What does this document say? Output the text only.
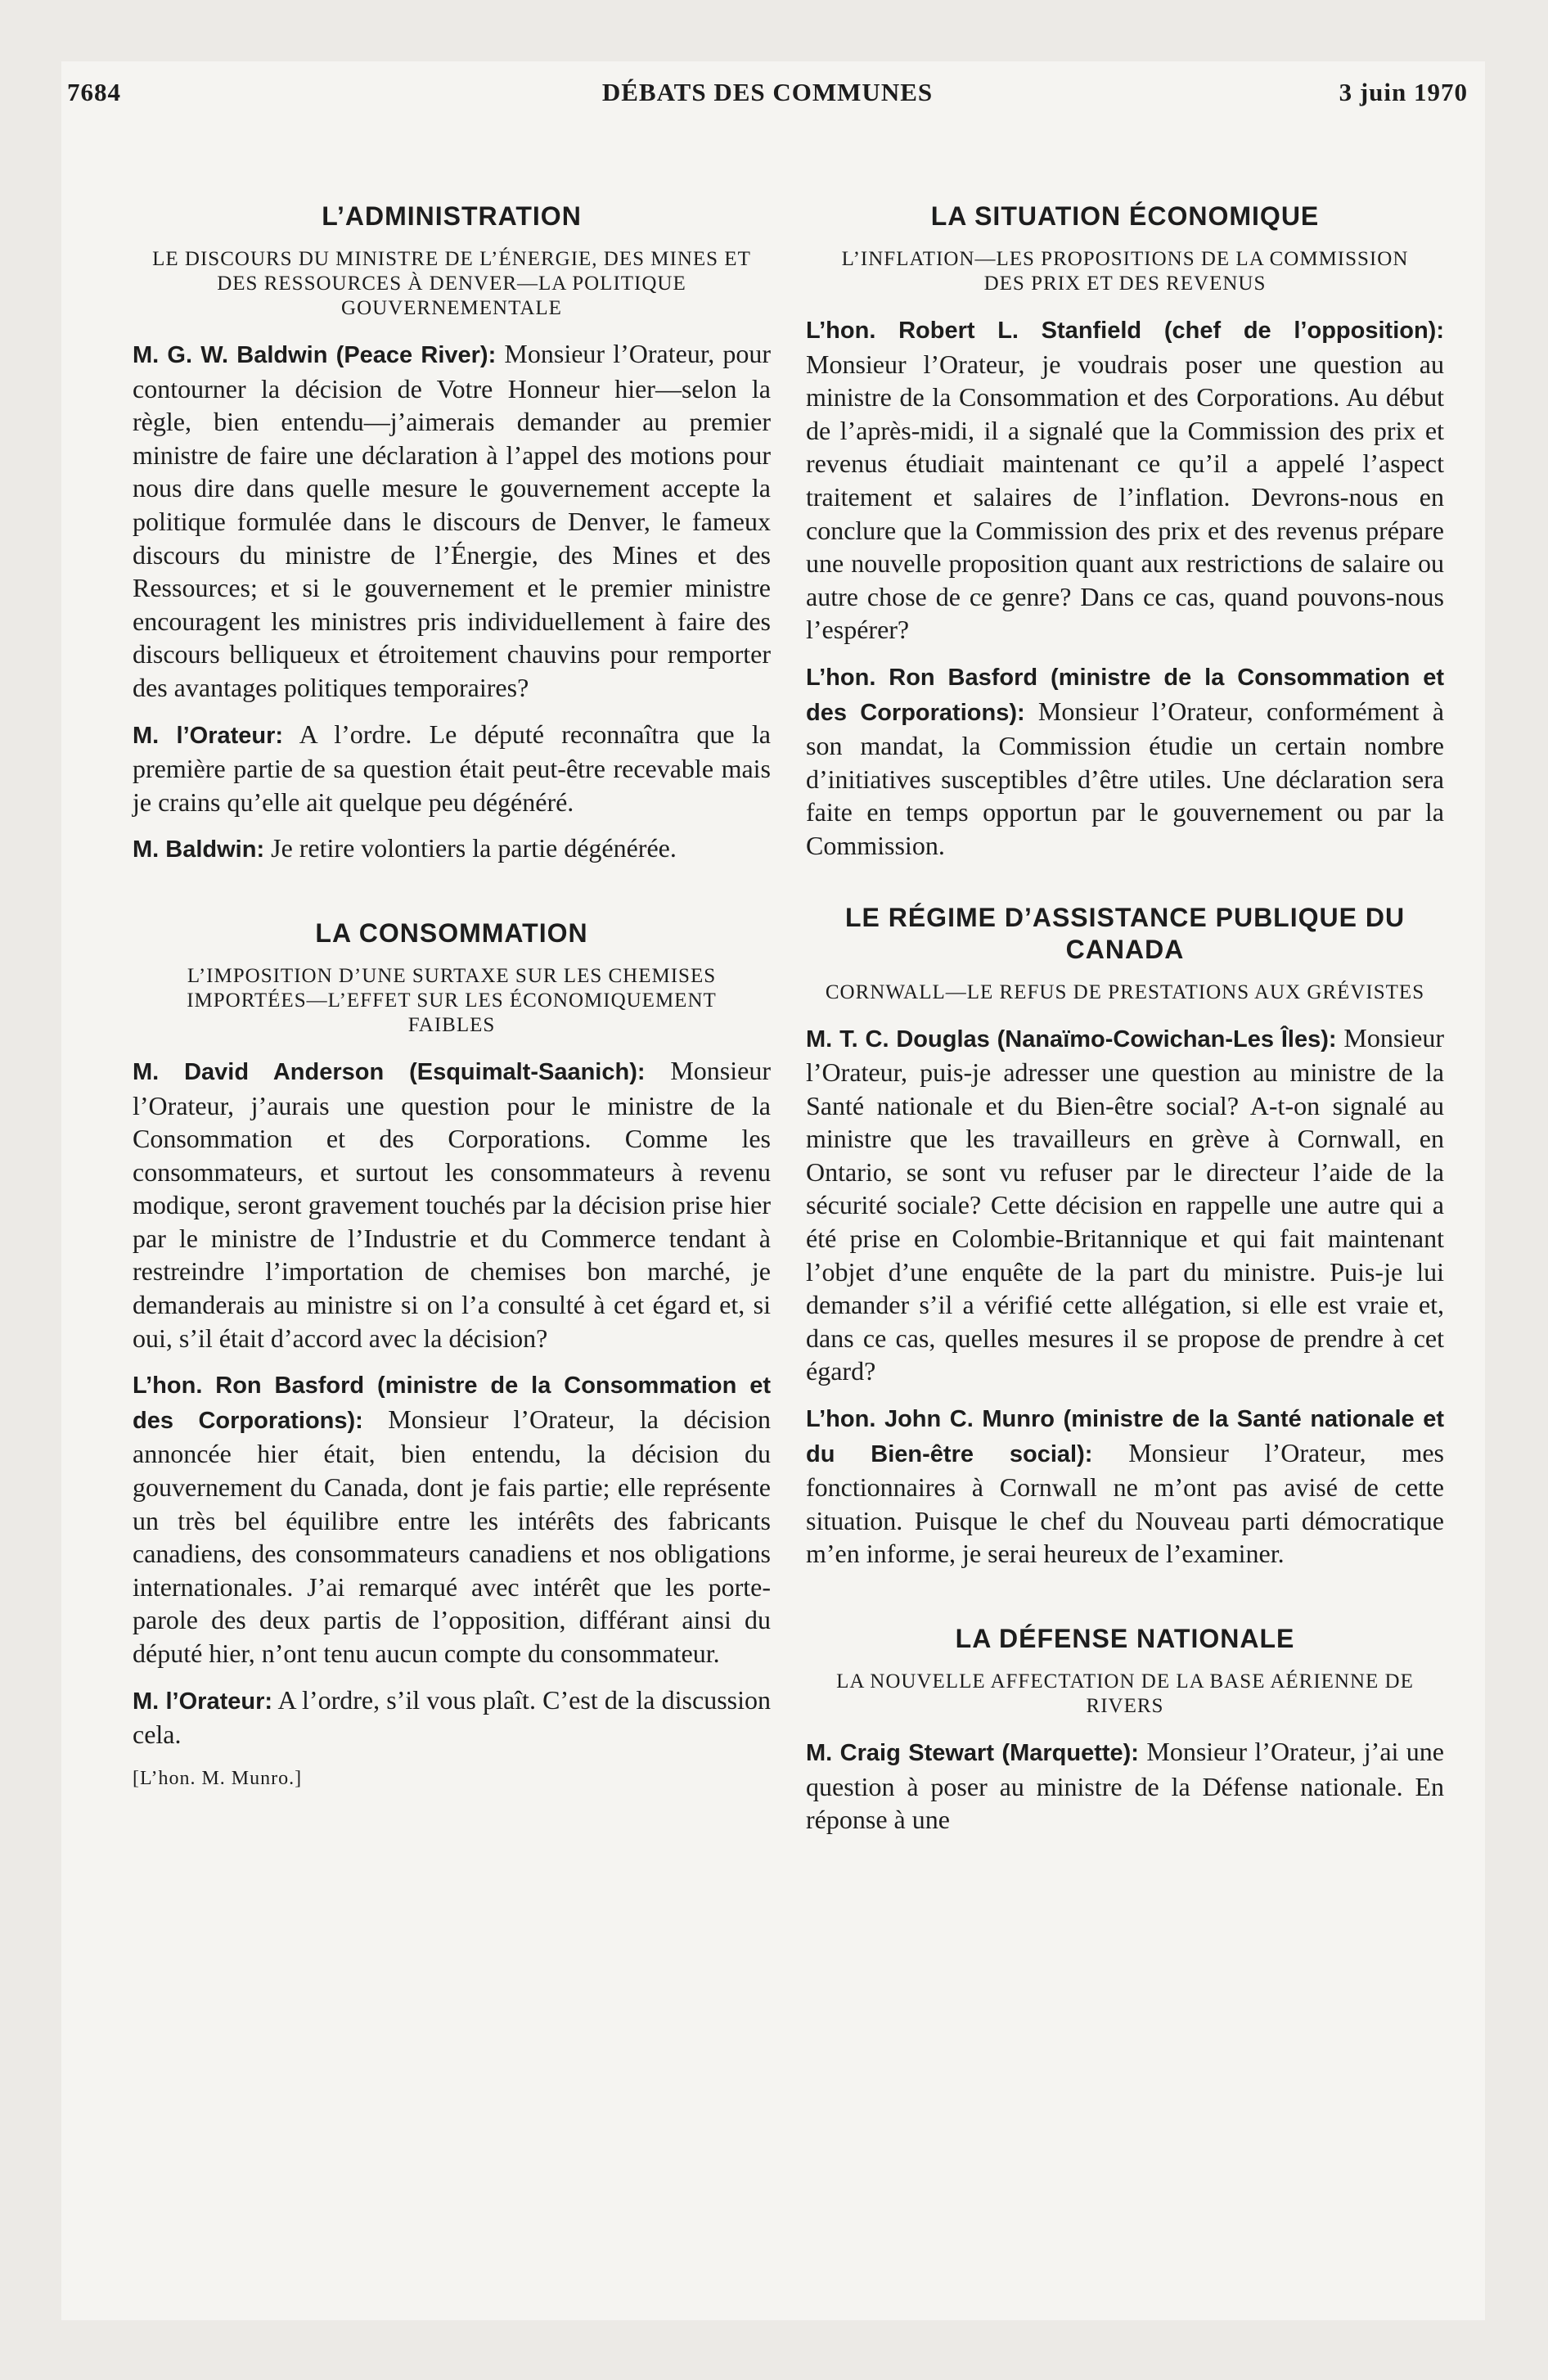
7684	DÉBATS DES COMMUNES	3 juin 1970
L’ADMINISTRATION

LE DISCOURS DU MINISTRE DE L’ÉNERGIE, DES MINES ET DES RESSOURCES À DENVER—LA POLITIQUE GOUVERNEMENTALE

M. G. W. Baldwin (Peace River): Monsieur l’Orateur, pour contourner la décision de Votre Honneur hier—selon la règle, bien entendu—j’aimerais demander au premier ministre de faire une déclaration à l’appel des motions pour nous dire dans quelle mesure le gouvernement accepte la politique formulée dans le discours de Denver, le fameux discours du ministre de l’Énergie, des Mines et des Ressources; et si le gouvernement et le premier ministre encouragent les ministres pris individuellement à faire des discours belliqueux et étroitement chauvins pour remporter des avantages politiques temporaires?

M. l’Orateur: A l’ordre. Le député reconnaîtra que la première partie de sa question était peut-être recevable mais je crains qu’elle ait quelque peu dégénéré.

M. Baldwin: Je retire volontiers la partie dégénérée.

LA CONSOMMATION

L’IMPOSITION D’UNE SURTAXE SUR LES CHEMISES IMPORTÉES—L’EFFET SUR LES ÉCONOMIQUEMENT FAIBLES

M. David Anderson (Esquimalt-Saanich): Monsieur l’Orateur, j’aurais une question pour le ministre de la Consommation et des Corporations. Comme les consommateurs, et surtout les consommateurs à revenu modique, seront gravement touchés par la décision prise hier par le ministre de l’Industrie et du Commerce tendant à restreindre l’importation de chemises bon marché, je demanderais au ministre si on l’a consulté à cet égard et, si oui, s’il était d’accord avec la décision?

L’hon. Ron Basford (ministre de la Consommation et des Corporations): Monsieur l’Orateur, la décision annoncée hier était, bien entendu, la décision du gouvernement du Canada, dont je fais partie; elle représente un très bel équilibre entre les intérêts des fabricants canadiens, des consommateurs canadiens et nos obligations internationales. J’ai remarqué avec intérêt que les porte-parole des deux partis de l’opposition, différant ainsi du député hier, n’ont tenu aucun compte du consommateur.

M. l’Orateur: A l’ordre, s’il vous plaît. C’est de la discussion cela.

[L’hon. M. Munro.]

LA SITUATION ÉCONOMIQUE

L’INFLATION—LES PROPOSITIONS DE LA COMMISSION DES PRIX ET DES REVENUS

L’hon. Robert L. Stanfield (chef de l’opposition): Monsieur l’Orateur, je voudrais poser une question au ministre de la Consommation et des Corporations. Au début de l’après-midi, il a signalé que la Commission des prix et revenus étudiait maintenant ce qu’il a appelé l’aspect traitement et salaires de l’inflation. Devrons-nous en conclure que la Commission des prix et des revenus prépare une nouvelle proposition quant aux restrictions de salaire ou autre chose de ce genre? Dans ce cas, quand pouvons-nous l’espérer?

L’hon. Ron Basford (ministre de la Consommation et des Corporations): Monsieur l’Orateur, conformément à son mandat, la Commission étudie un certain nombre d’initiatives susceptibles d’être utiles. Une déclaration sera faite en temps opportun par le gouvernement ou par la Commission.

LE RÉGIME D’ASSISTANCE PUBLIQUE DU CANADA

CORNWALL—LE REFUS DE PRESTATIONS AUX GRÉVISTES

M. T. C. Douglas (Nanaïmo-Cowichan-Les Îles): Monsieur l’Orateur, puis-je adresser une question au ministre de la Santé nationale et du Bien-être social? A-t-on signalé au ministre que les travailleurs en grève à Cornwall, en Ontario, se sont vu refuser par le directeur l’aide de la sécurité sociale? Cette décision en rappelle une autre qui a été prise en Colombie-Britannique et qui fait maintenant l’objet d’une enquête de la part du ministre. Puis-je lui demander s’il a vérifié cette allégation, si elle est vraie et, dans ce cas, quelles mesures il se propose de prendre à cet égard?

L’hon. John C. Munro (ministre de la Santé nationale et du Bien-être social): Monsieur l’Orateur, mes fonctionnaires à Cornwall ne m’ont pas avisé de cette situation. Puisque le chef du Nouveau parti démocratique m’en informe, je serai heureux de l’examiner.

LA DÉFENSE NATIONALE

LA NOUVELLE AFFECTATION DE LA BASE AÉRIENNE DE RIVERS

M. Craig Stewart (Marquette): Monsieur l’Orateur, j’ai une question à poser au ministre de la Défense nationale. En réponse à une
